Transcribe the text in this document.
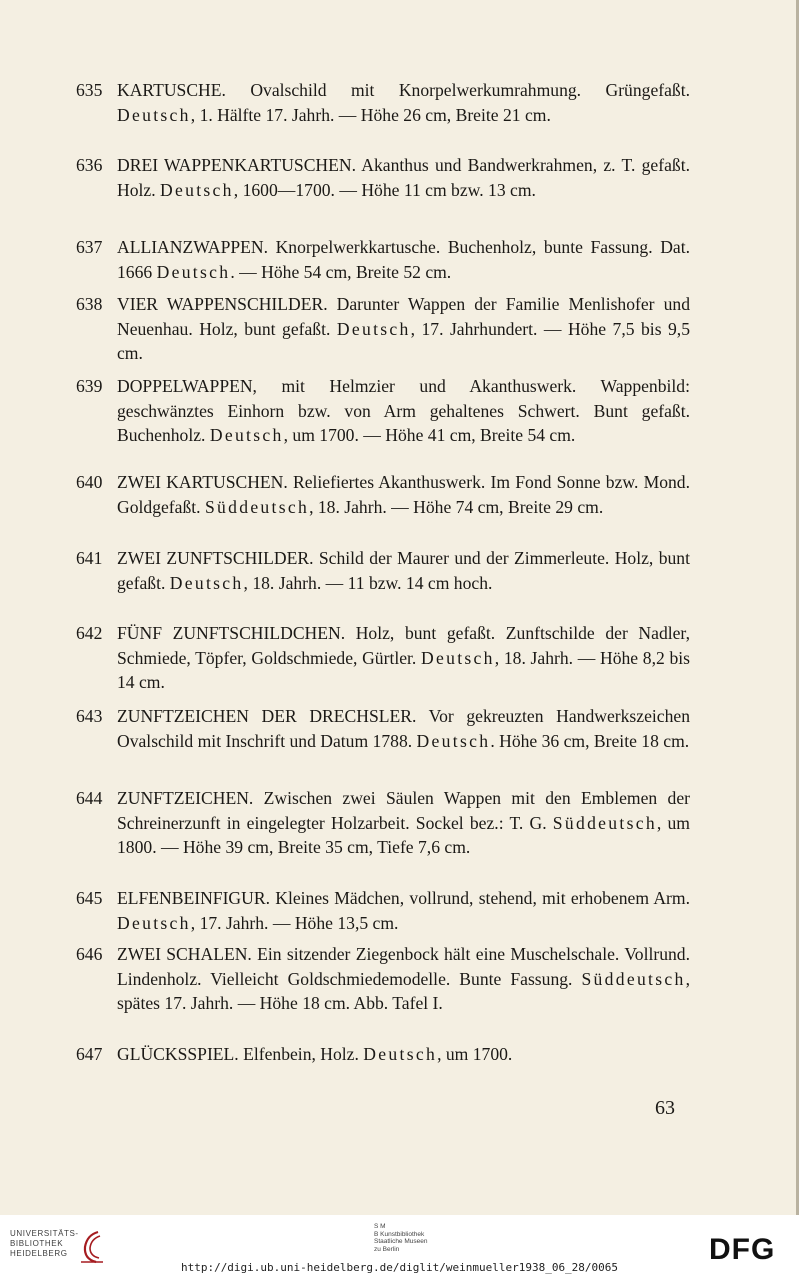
635 KARTUSCHE. Ovalschild mit Knorpelwerkumrahmung. Grüngefaßt. Deutsch, 1. Hälfte 17. Jahrh. — Höhe 26 cm, Breite 21 cm.
636 DREI WAPPENKARTUSCHEN. Akanthus und Bandwerkrahmen, z. T. gefaßt. Holz. Deutsch, 1600—1700. — Höhe 11 cm bzw. 13 cm.
637 ALLIANZWAPPEN. Knorpelwerkkartusche. Buchenholz, bunte Fassung. Dat. 1666 Deutsch. — Höhe 54 cm, Breite 52 cm.
638 VIER WAPPENSCHILDER. Darunter Wappen der Familie Menlishofer und Neuenhau. Holz, bunt gefaßt. Deutsch, 17. Jahrhundert. — Höhe 7,5 bis 9,5 cm.
639 DOPPELWAPPEN, mit Helmzier und Akanthuswerk. Wappenbild: geschwänztes Einhorn bzw. von Arm gehaltenes Schwert. Bunt gefaßt. Buchenholz. Deutsch, um 1700. — Höhe 41 cm, Breite 54 cm.
640 ZWEI KARTUSCHEN. Reliefiertes Akanthuswerk. Im Fond Sonne bzw. Mond. Goldgefaßt. Süddeutsch, 18. Jahrh. — Höhe 74 cm, Breite 29 cm.
641 ZWEI ZUNFTSCHILDER. Schild der Maurer und der Zimmerleute. Holz, bunt gefaßt. Deutsch, 18. Jahrh. — 11 bzw. 14 cm hoch.
642 FÜNF ZUNFTSCHILDCHEN. Holz, bunt gefaßt. Zunftschilde der Nadler, Schmiede, Töpfer, Goldschmiede, Gürtler. Deutsch, 18. Jahrh. — Höhe 8,2 bis 14 cm.
643 ZUNFTZEICHEN DER DRECHSLER. Vor gekreuzten Handwerkszeichen Ovalschild mit Inschrift und Datum 1788. Deutsch. Höhe 36 cm, Breite 18 cm.
644 ZUNFTZEICHEN. Zwischen zwei Säulen Wappen mit den Emblemen der Schreinerzunft in eingelegter Holzarbeit. Sockel bez.: T. G. Süddeutsch, um 1800. — Höhe 39 cm, Breite 35 cm, Tiefe 7,6 cm.
645 ELFENBEINFIGUR. Kleines Mädchen, vollrund, stehend, mit erhobenem Arm. Deutsch, 17. Jahrh. — Höhe 13,5 cm.
646 ZWEI SCHALEN. Ein sitzender Ziegenbock hält eine Muschelschale. Vollrund. Lindenholz. Vielleicht Goldschmiedemodelle. Bunte Fassung. Süddeutsch, spätes 17. Jahrh. — Höhe 18 cm. Abb. Tafel I.
647 GLÜCKSSPIEL. Elfenbein, Holz. Deutsch, um 1700.
63
UNIVERSITÄTS-
BIBLIOTHEK
HEIDELBERG
S M
B Kunstbibliothek
Staatliche Museen
zu Berlin	DFG
http://digi.ub.uni-heidelberg.de/diglit/weinmueller1938_06_28/0065
